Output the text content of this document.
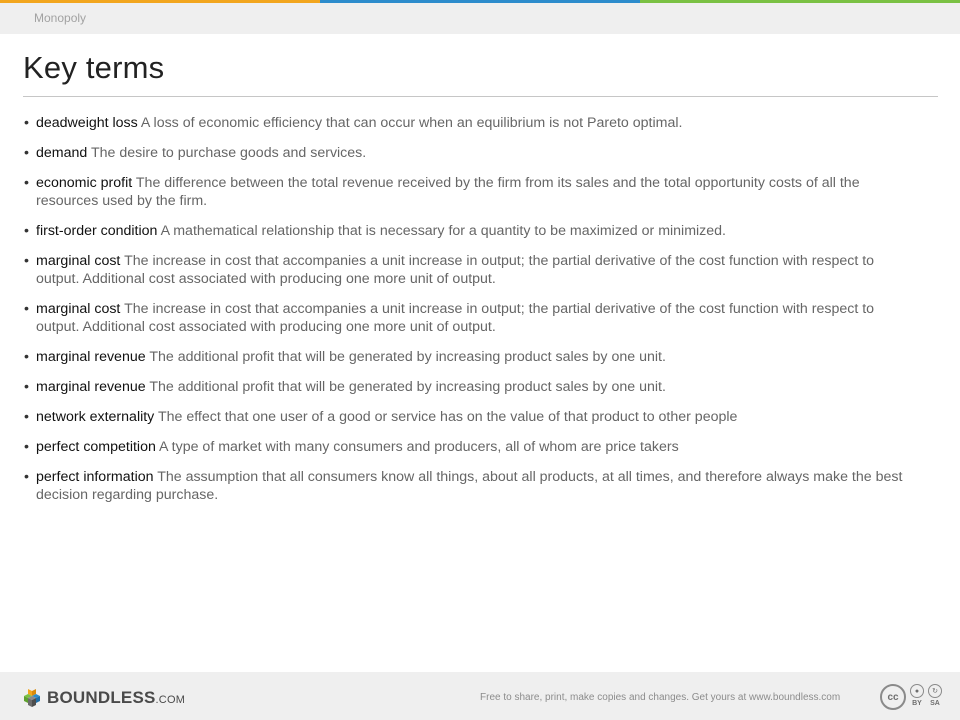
Monopoly
Key terms
• deadweight loss A loss of economic efficiency that can occur when an equilibrium is not Pareto optimal.
• demand The desire to purchase goods and services.
• economic profit The difference between the total revenue received by the firm from its sales and the total opportunity costs of all the resources used by the firm.
• first-order condition A mathematical relationship that is necessary for a quantity to be maximized or minimized.
• marginal cost The increase in cost that accompanies a unit increase in output; the partial derivative of the cost function with respect to output. Additional cost associated with producing one more unit of output.
• marginal cost The increase in cost that accompanies a unit increase in output; the partial derivative of the cost function with respect to output. Additional cost associated with producing one more unit of output.
• marginal revenue The additional profit that will be generated by increasing product sales by one unit.
• marginal revenue The additional profit that will be generated by increasing product sales by one unit.
• network externality The effect that one user of a good or service has on the value of that product to other people
• perfect competition A type of market with many consumers and producers, all of whom are price takers
• perfect information The assumption that all consumers know all things, about all products, at all times, and therefore always make the best decision regarding purchase.
BOUNDLESS.COM	Free to share, print, make copies and changes. Get yours at www.boundless.com	cc
●
BY
↻
SA
